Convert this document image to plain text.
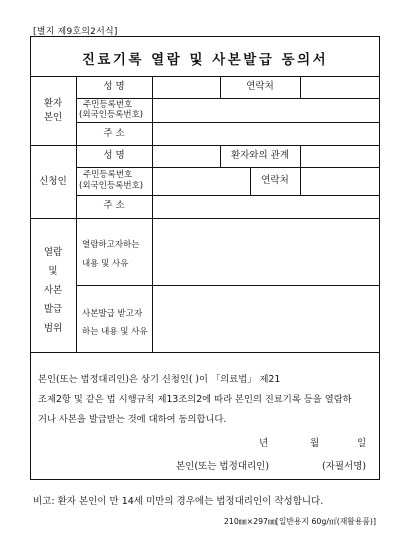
[별지 제9호의2서식]
진료기록 열람 및 사본발급 동의서
환자
본인
성 명	연락처
주민등록번호
(외국인등록번호)
주 소
신청인
성 명	환자와의 관계
주민등록번호
(외국인등록번호)	연락처
주 소
열람
및
사본
발급
범위
열람하고자하는
내용 및 사유
사본발급 받고자
하는 내용 및 사유
본인(또는 법정대리인)은 상기 신청인( )이 「의료법」 제21
조제2항 및 같은 법 시행규칙 제13조의2에 따라 본인의 진료기록 등을 열람하
거나 사본을 발급받는 것에 대하여 동의합니다.
년	월	일
본인(또는 법정대리인)	(자필서명)
비고: 환자 본인이 만 14세 미만의 경우에는 법정대리인이 작성합니다.
210㎜×297㎜[일반용지 60g/㎡(재활용품)]
